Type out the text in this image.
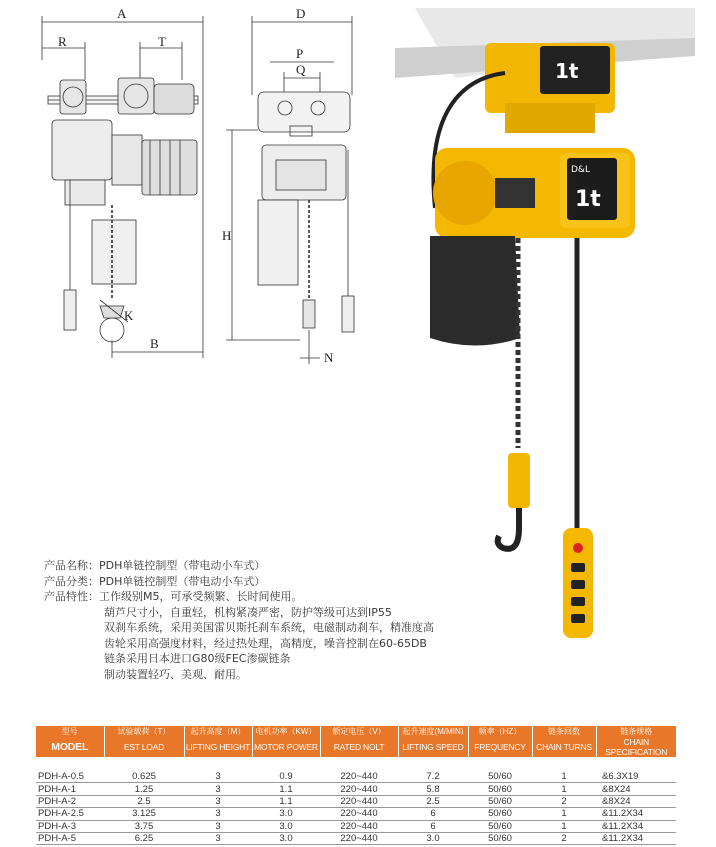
A
R	T
B
K
D
P
Q
H
N
1t
D&L
1t
产品名称：PDH单链控制型（带电动小车式）
产品分类：PDH单链控制型（带电动小车式）
产品特性：工作级别M5，可承受频繁、长时间使用。
葫芦尺寸小，自重轻，机构紧凑严密，防护等级可达到IP55
双刹车系统，采用美国雷贝斯托刹车系统，电磁制动刹车，精准度高
齿轮采用高强度材料，经过热处理，高精度，噪音控制在60-65DB
链条采用日本进口G80级FEC渗碳链条
制动装置轻巧、美观、耐用。
型号	试验载荷（T）	起升高度（M）	电机功率（KW）	额定电压（V）	起升速度(M/MIN)	频率（HZ）	链条回数	链条规格
MODEL	EST LOAD	LIFTING HEIGHT	MOTOR POWER	RATED NOLT	LIFTING SPEED	FREQUENCY	CHAIN TURNS	CHAIN SPECIFICATION

PDH-A-0.5	0.625	3	0.9	220~440	7.2	50/60	1	&6.3X19
PDH-A-1	1.25	3	1.1	220~440	5.8	50/60	1	&8X24
PDH-A-2	2.5	3	1.1	220~440	2.5	50/60	2	&8X24
PDH-A-2.5	3.125	3	3.0	220~440	6	50/60	1	&11.2X34
PDH-A-3	3.75	3	3.0	220~440	6	50/60	1	&11.2X34
PDH-A-5	6.25	3	3.0	220~440	3.0	50/60	2	&11.2X34
